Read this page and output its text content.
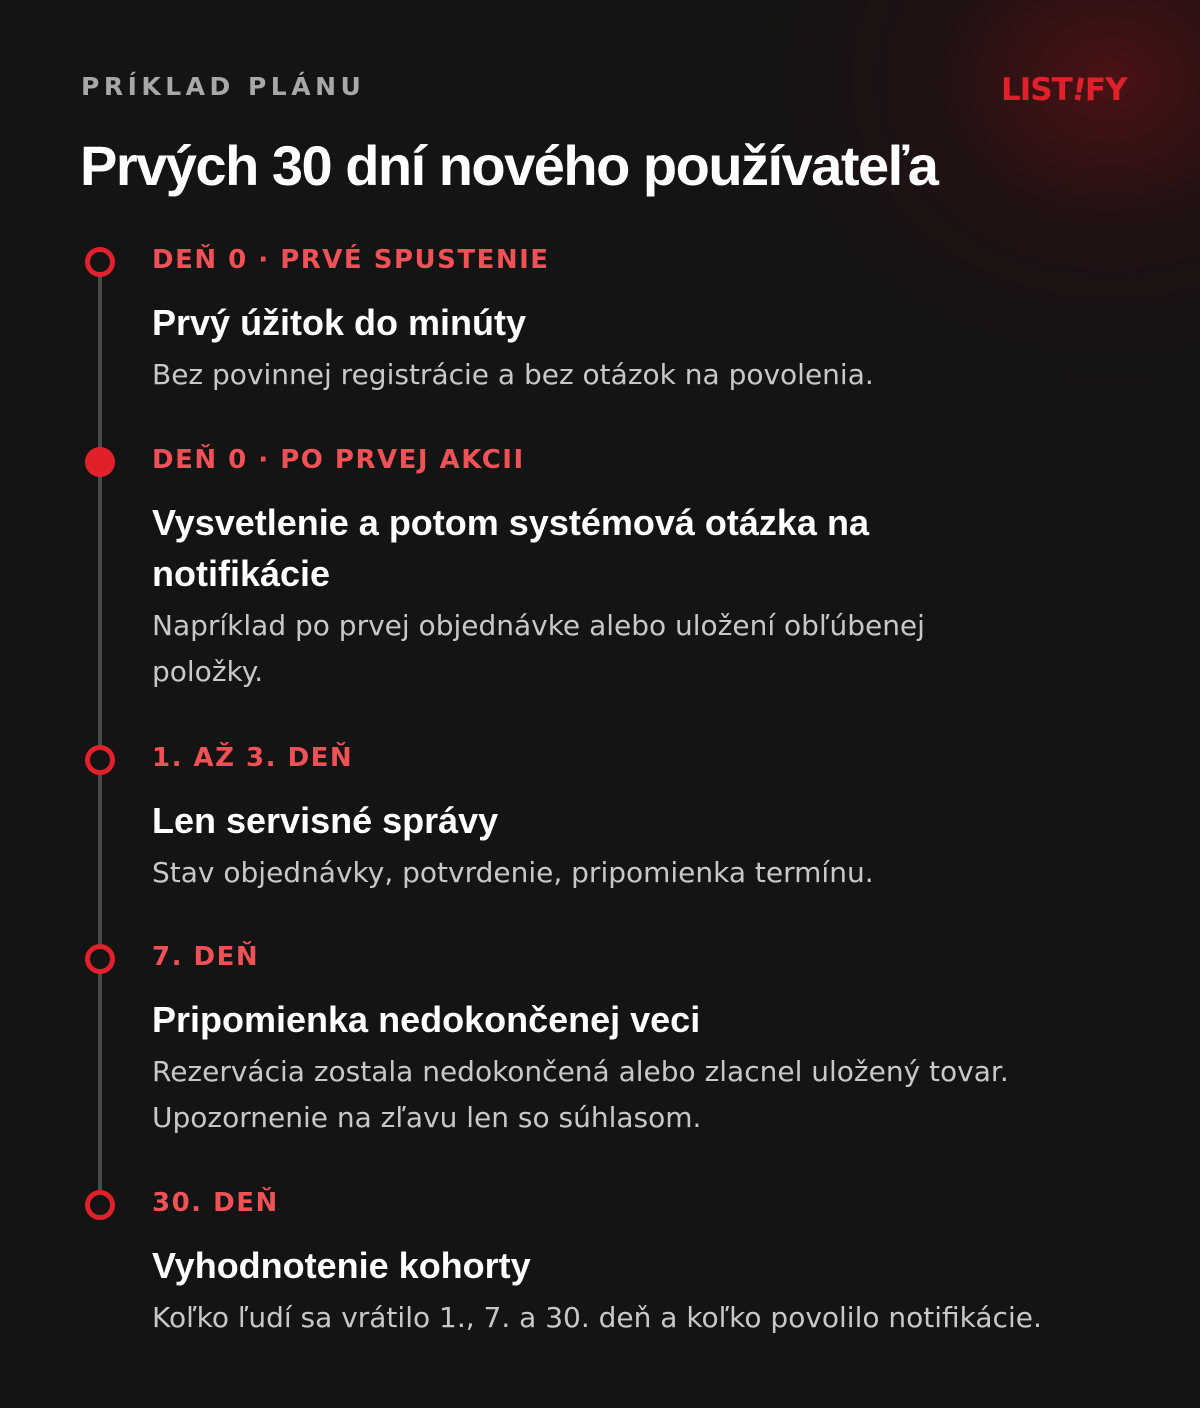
PRÍKLAD PLÁNU	LIST!FY
Prvých 30 dní nového používateľa
DEŇ 0 · PRVÉ SPUSTENIE
Prvý úžitok do minúty
Bez povinnej registrácie a bez otázok na povolenia.
DEŇ 0 · PO PRVEJ AKCII
Vysvetlenie a potom systémová otázka na notifikácie
Napríklad po prvej objednávke alebo uložení obľúbenej položky.
1. AŽ 3. DEŇ
Len servisné správy
Stav objednávky, potvrdenie, pripomienka termínu.
7. DEŇ
Pripomienka nedokončenej veci
Rezervácia zostala nedokončená alebo zlacnel uložený tovar. Upozornenie na zľavu len so súhlasom.
30. DEŇ
Vyhodnotenie kohorty
Koľko ľudí sa vrátilo 1., 7. a 30. deň a koľko povolilo notifikácie.
